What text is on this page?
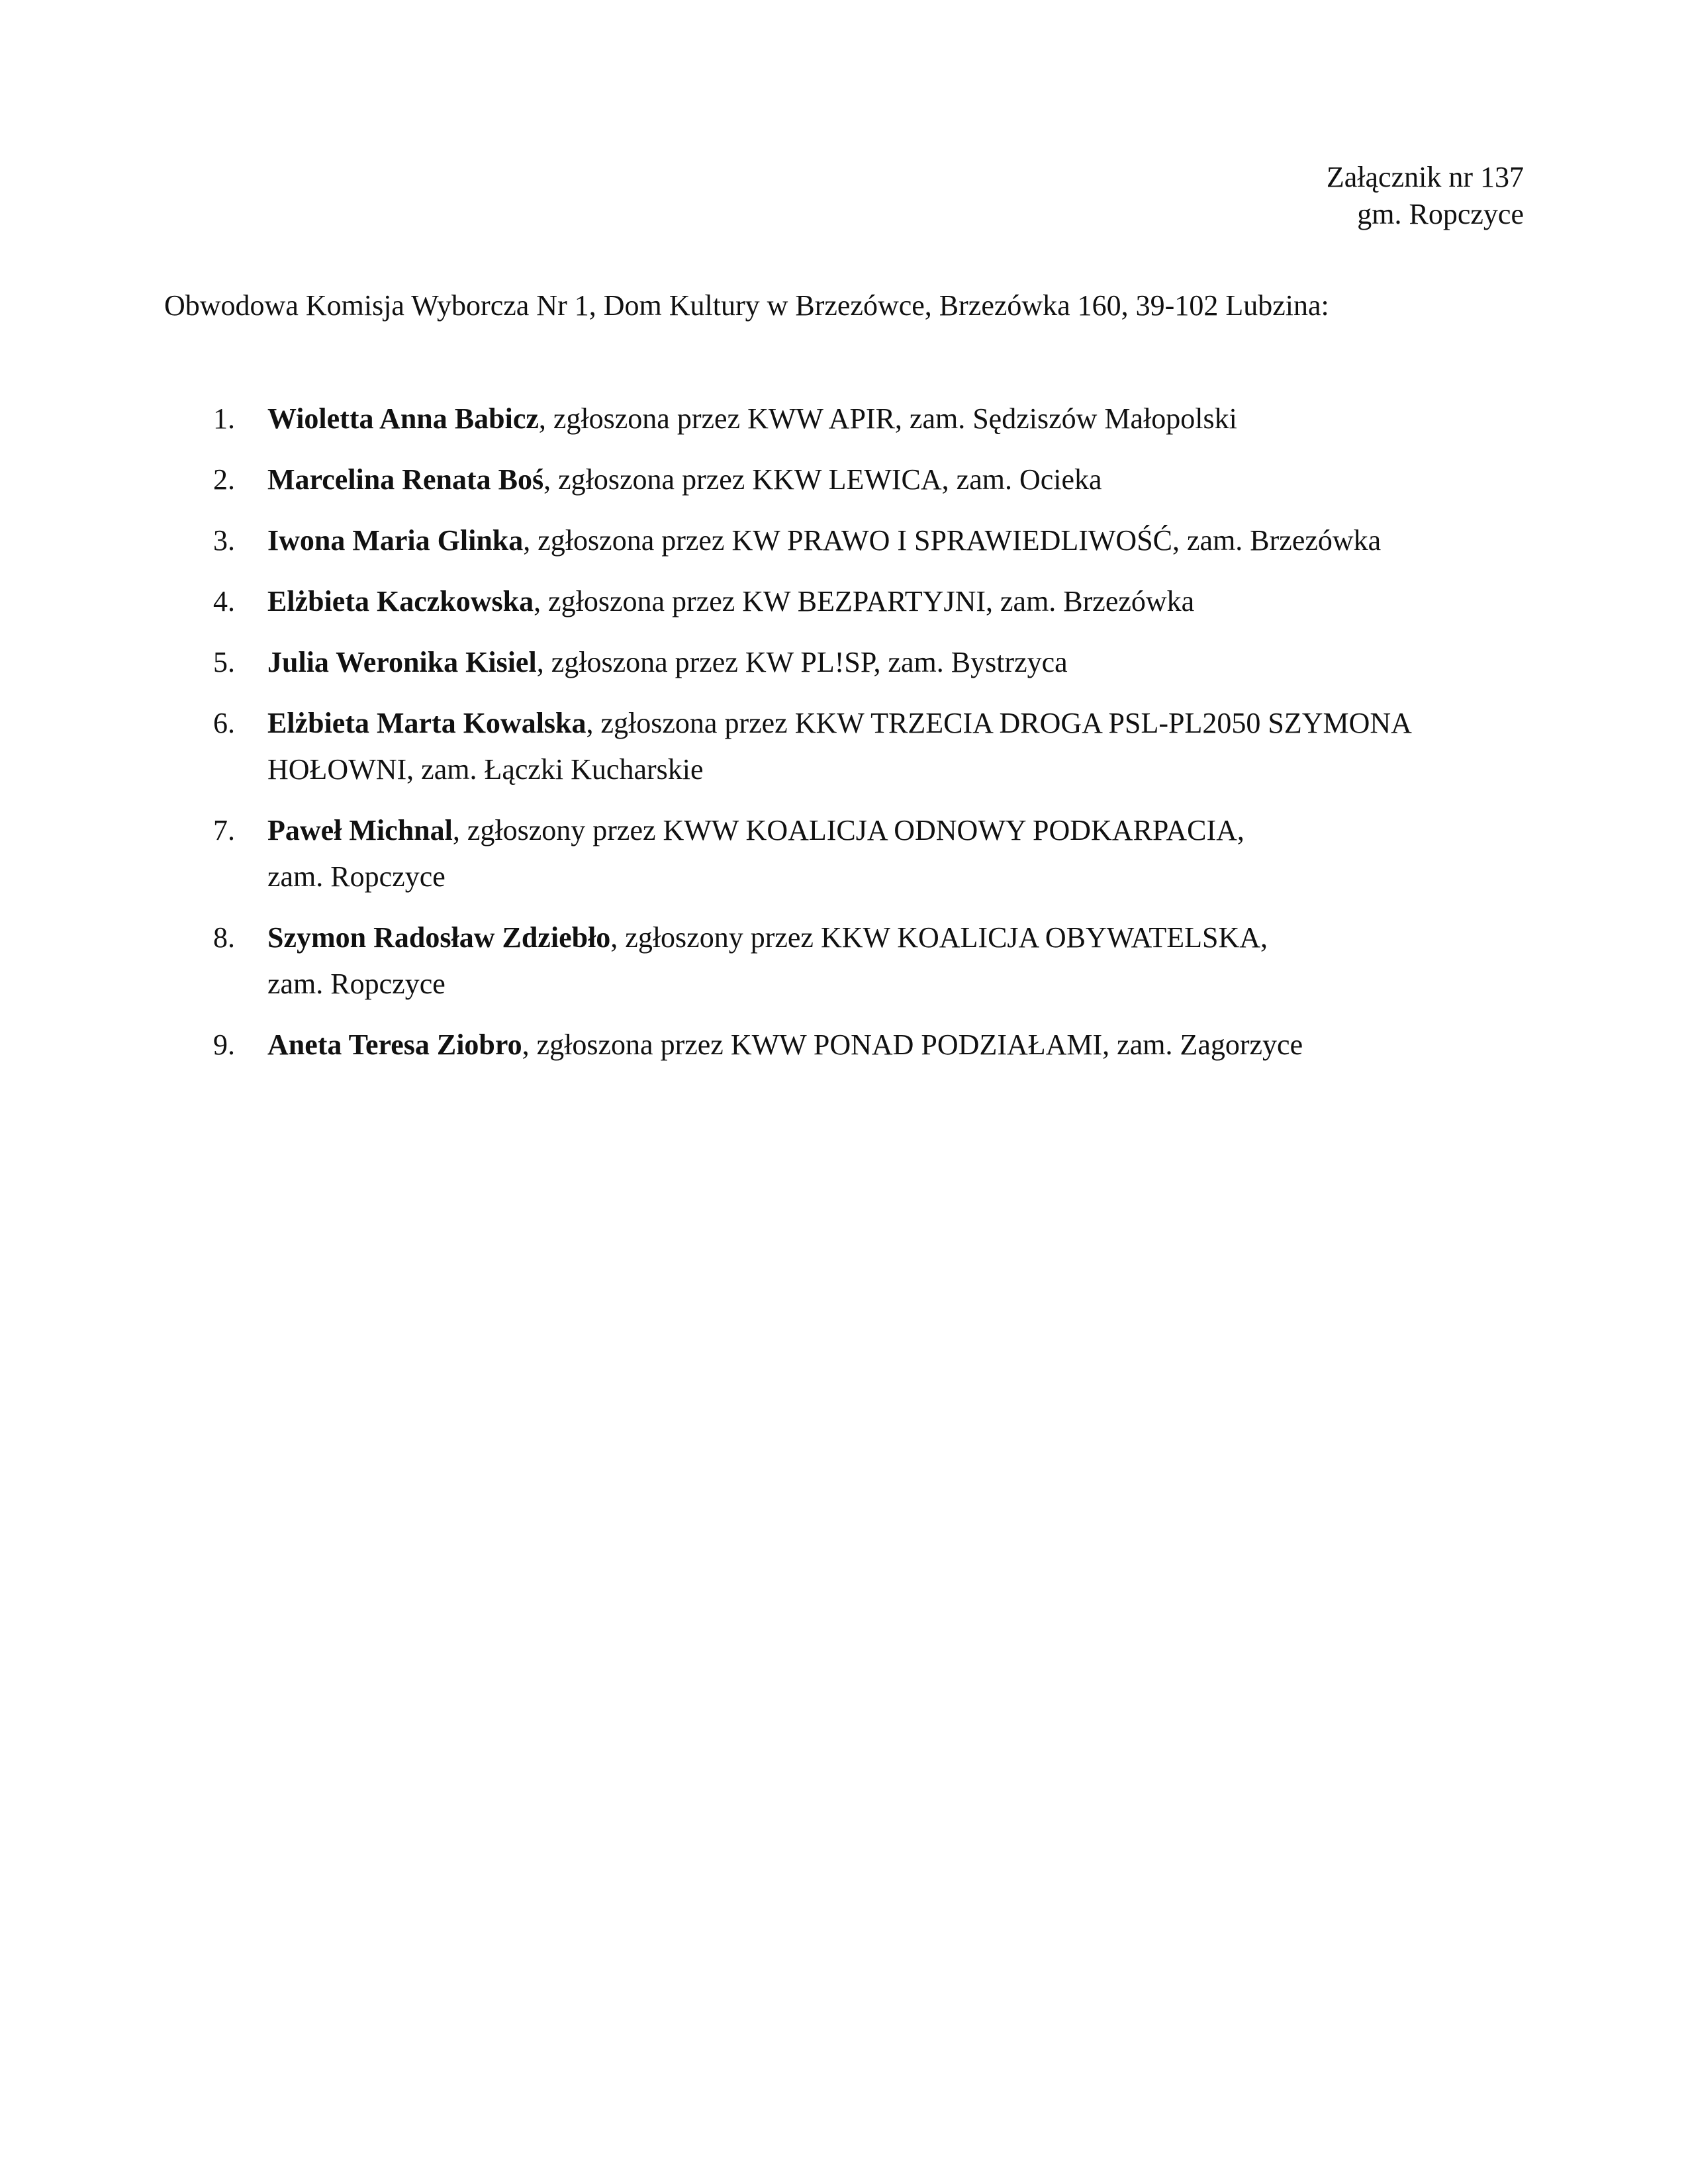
Załącznik nr 137
gm. Ropczyce
Obwodowa Komisja Wyborcza Nr 1, Dom Kultury w Brzezówce, Brzezówka 160, 39-102 Lubzina:
1.	Wioletta Anna Babicz, zgłoszona przez KWW APIR, zam. Sędziszów Małopolski
2.	Marcelina Renata Boś, zgłoszona przez KKW LEWICA, zam. Ocieka
3.	Iwona Maria Glinka, zgłoszona przez KW PRAWO I SPRAWIEDLIWOŚĆ, zam. Brzezówka
4.	Elżbieta Kaczkowska, zgłoszona przez KW BEZPARTYJNI, zam. Brzezówka
5.	Julia Weronika Kisiel, zgłoszona przez KW PL!SP, zam. Bystrzyca
6.	Elżbieta Marta Kowalska, zgłoszona przez KKW TRZECIA DROGA PSL-PL2050 SZYMONA
HOŁOWNI, zam. Łączki Kucharskie
7.	Paweł Michnal, zgłoszony przez KWW KOALICJA ODNOWY PODKARPACIA,
zam. Ropczyce
8.	Szymon Radosław Zdziebło, zgłoszony przez KKW KOALICJA OBYWATELSKA,
zam. Ropczyce
9.	Aneta Teresa Ziobro, zgłoszona przez KWW PONAD PODZIAŁAMI, zam. Zagorzyce
